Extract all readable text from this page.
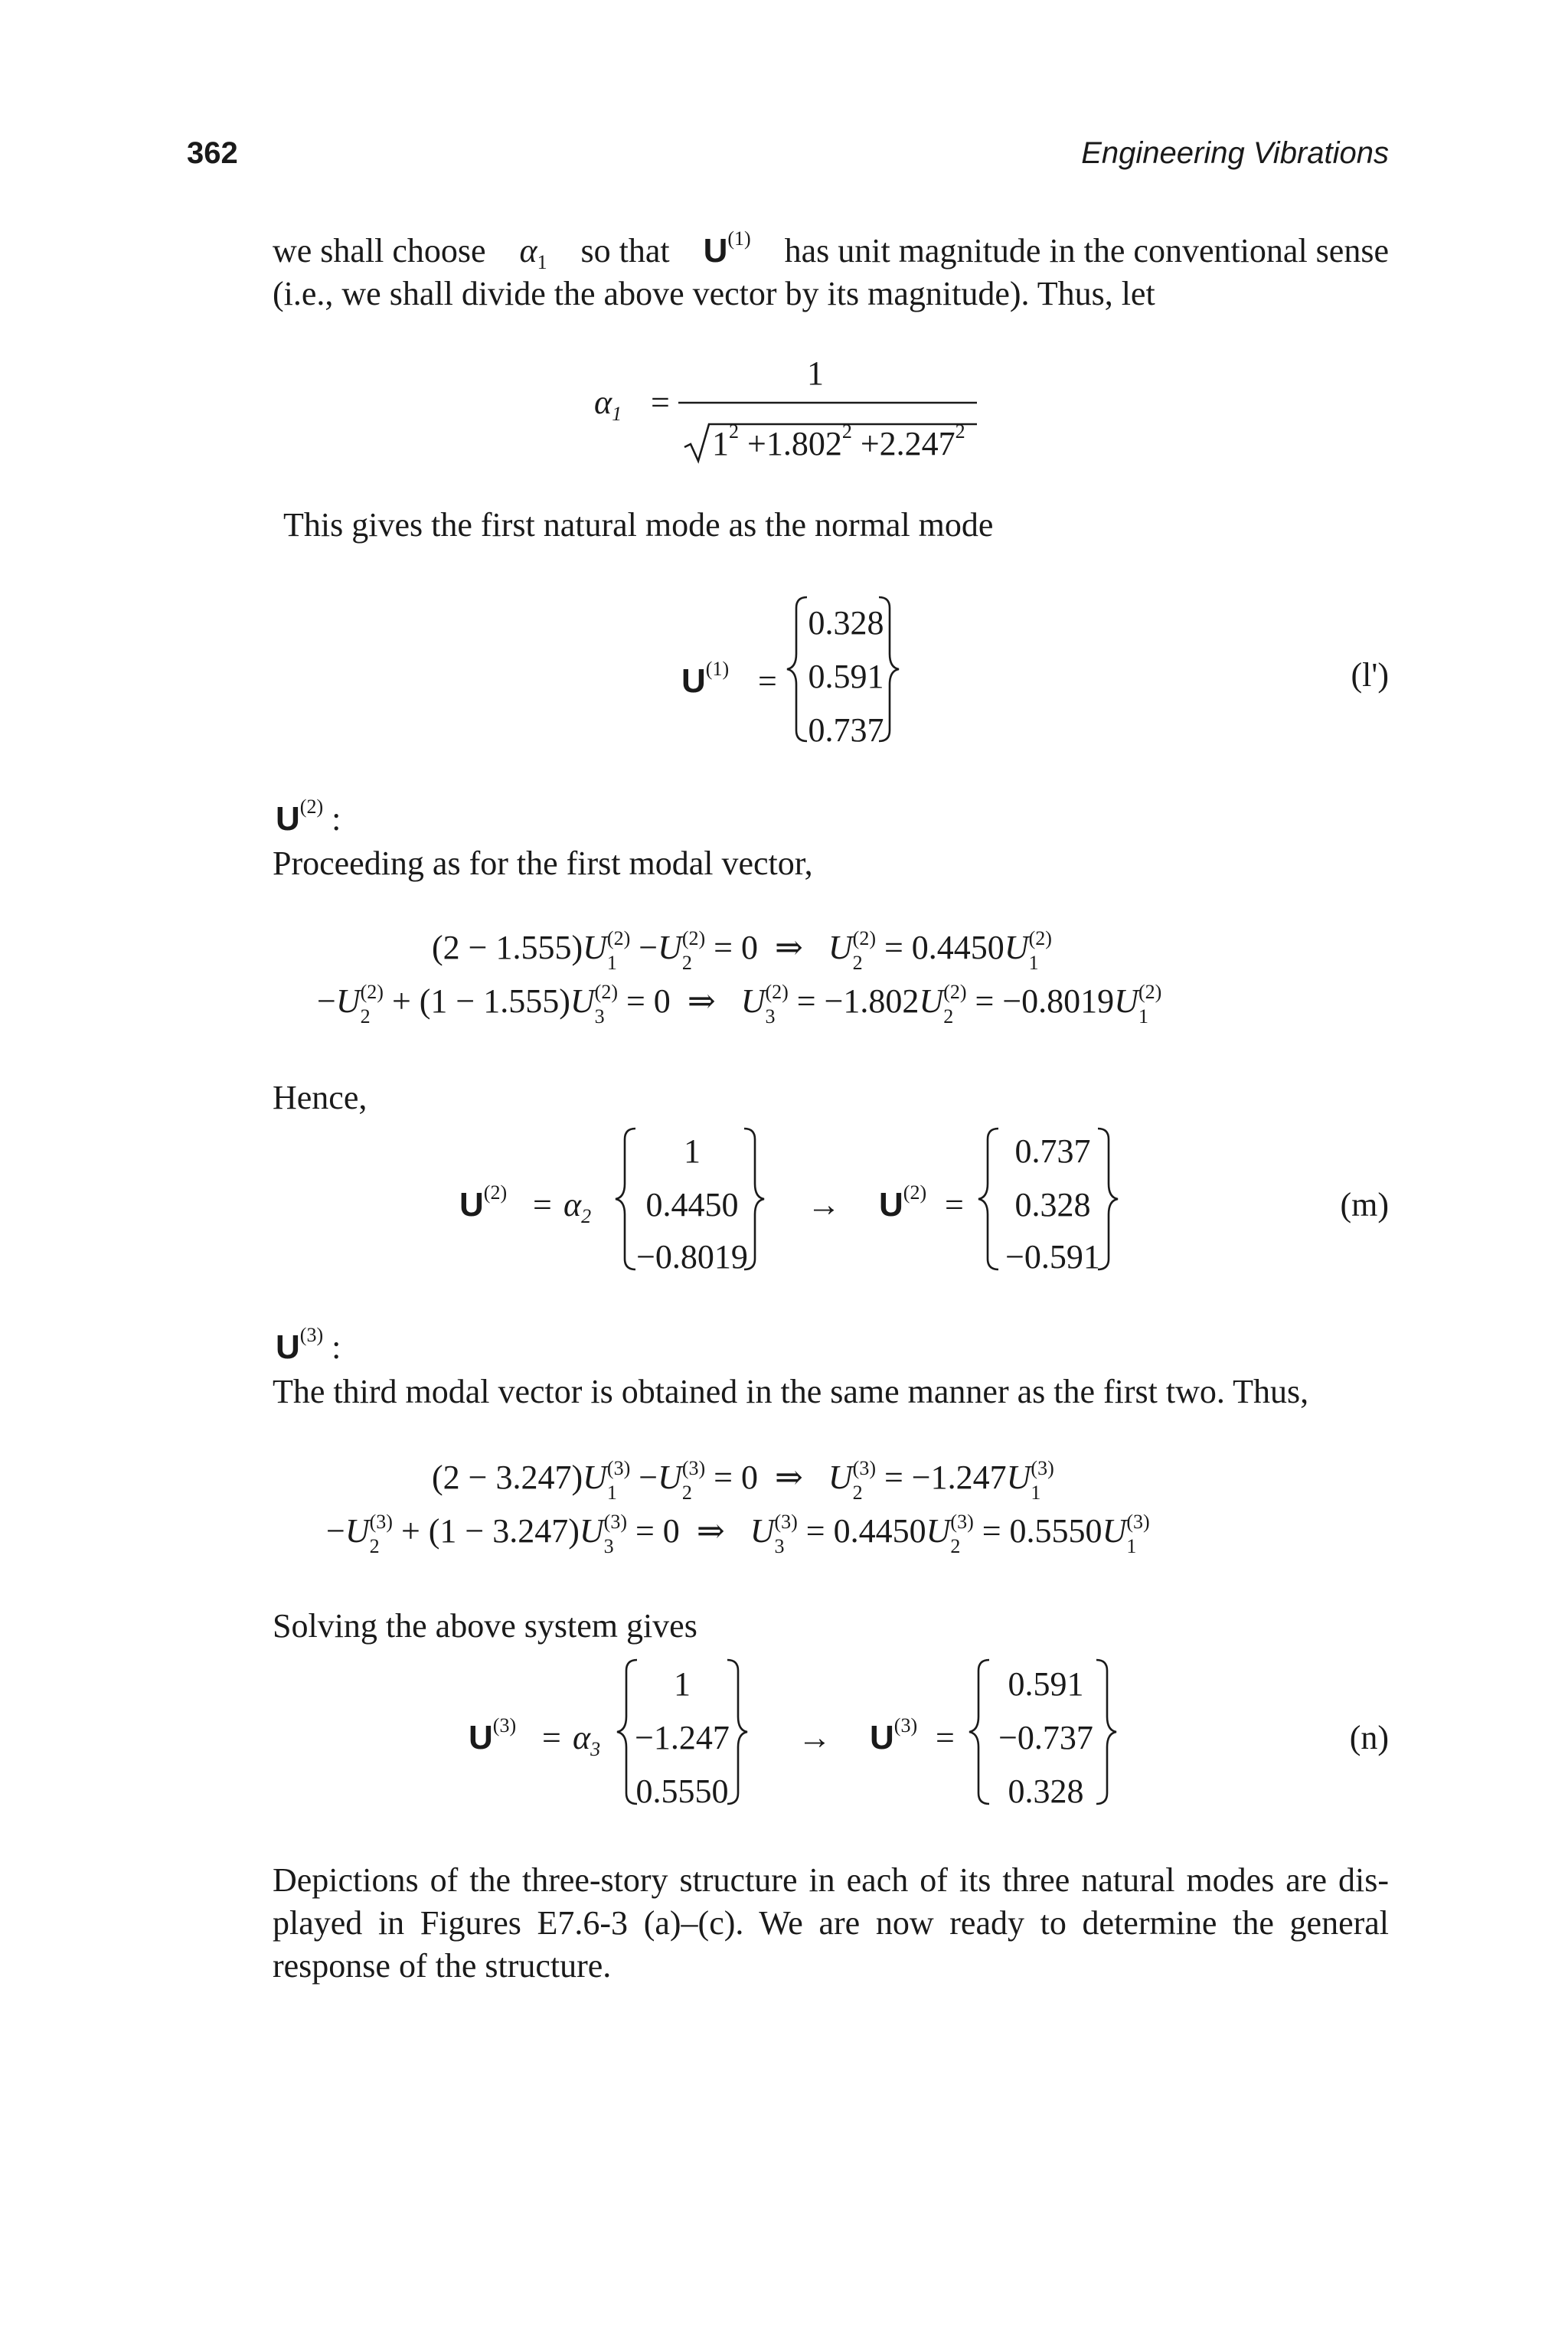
362	Engineering Vibrations
we shall choose $\alpha_1$ so that $U^{(1)}$ has unit magnitude in the conventional sense
(i.e., we shall divide the above vector by its magnitude). Thus, let
$\alpha_1$ =
1
$1^2 +1.802^2 +2.247^2$
This gives the first natural mode as the normal mode
$U^{(1)}$ =
0.328
0.591
0.737
(l')
$U^{(2)}$ :
Proceeding as for the first modal vector,
(2 − 1.555)U (2)
1 −U (2)
2 = 0 ⇒ U (2)
2 = 0.4450U (2)
1
−U (2)
2 + (1 − 1.555)U (2)
3 = 0 ⇒ U (2)
3 = −1.802U (2)
2 = −0.8019U (2)
1
Hence,
$U^{(2)} = \alpha_2$
1
0.4450
−0.8019
→ $U^{(2)}$ =
0.737
0.328
−0.591
(m)
$U^{(3)}$ :
The third modal vector is obtained in the same manner as the first two. Thus,
(2 − 3.247)U (3)
1 −U (3)
2 = 0 ⇒ U (3)
2 = −1.247U (3)
1
−U (3)
2 + (1 − 3.247)U (3)
3 = 0 ⇒ U (3)
3 = 0.4450U (3)
2 = 0.5550U (3)
1
Solving the above system gives
$U^{(3)} = \alpha_3$
1
−1.247
0.5550
→ $U^{(3)}$ =
0.591
−0.737
0.328
(n)
Depictions of the three-story structure in each of its three natural modes are dis-
played in Figures E7.6-3 (a)–(c). We are now ready to determine the general
response of the structure.
